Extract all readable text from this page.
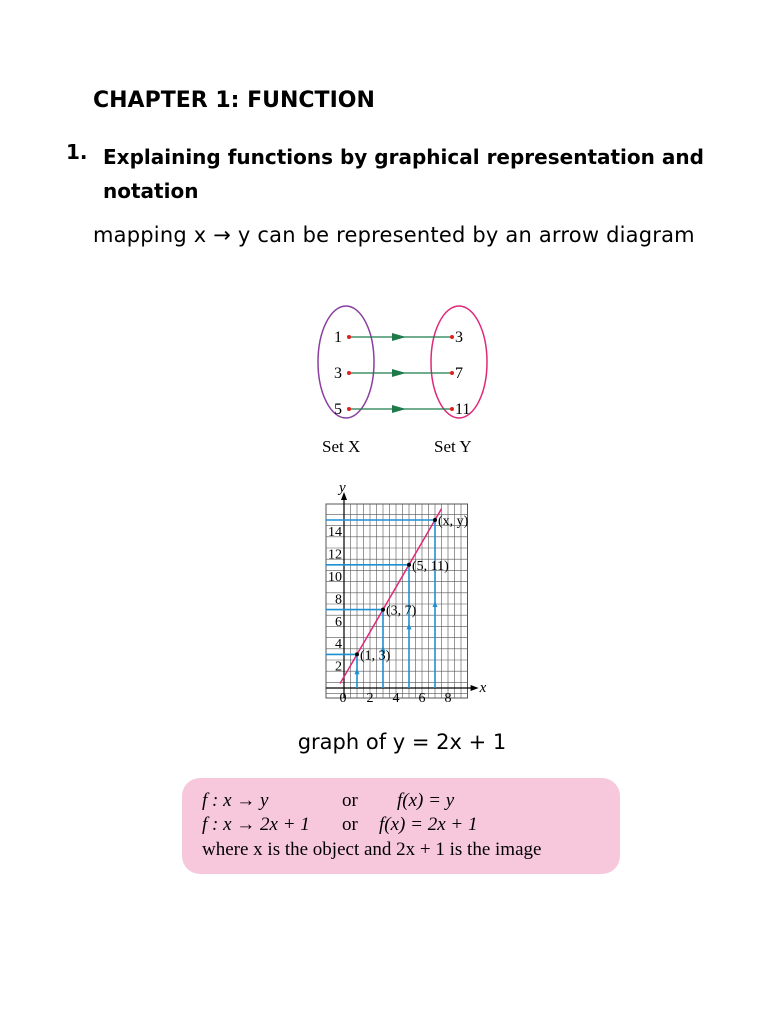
CHAPTER 1: FUNCTION
1. Explaining functions by graphical representation and notation

mapping x → y can be represented by an arrow diagram

1	3
3	7
5	11
Set X	Set Y
2
4
6
8
10
12
14
0 2 4 6 8
x
y
(1, 3)
(3, 7)
(5, 11)
(x, y)

graph of y = 2x + 1

f : x → y	or f(x) = y
f : x → 2x + 1 or f(x) = 2x + 1
where x is the object and 2x + 1 is the image
